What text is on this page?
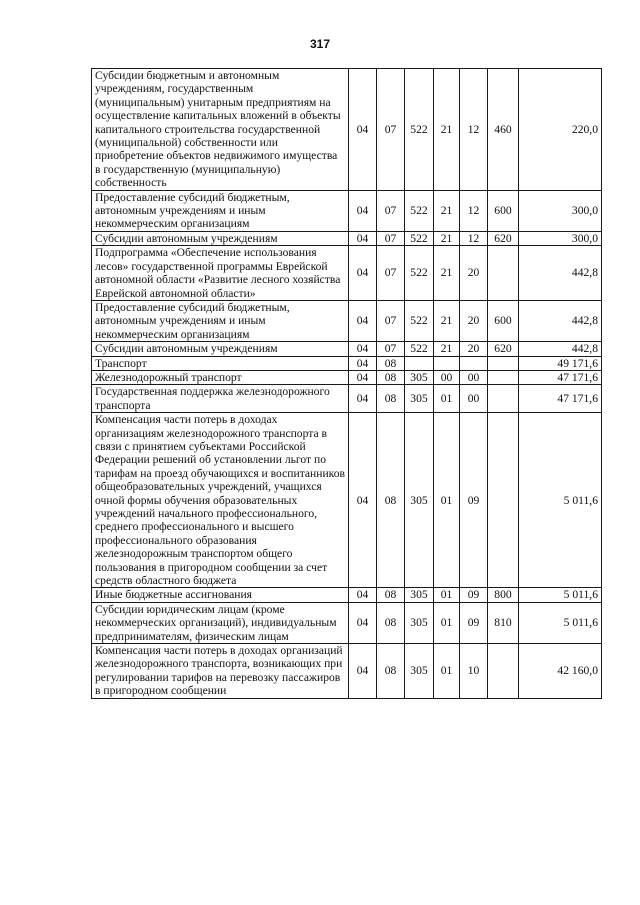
317
Субсидии бюджетным и автономным учреждениям, государственным (муниципальным) унитарным предприятиям на осуществление капитальных вложений в объекты капитального строительства государственной (муниципальной) собственности или приобретение объектов недвижимого имущества в государственную (муниципальную) собственность	04	07	522	21	12	460	220,0
Предоставление субсидий бюджетным, автономным учреждениям и иным некоммерческим организациям	04	07	522	21	12	600	300,0
Субсидии автономным учреждениям	04	07	522	21	12	620	300,0
Подпрограмма «Обеспечение использования лесов» государственной программы Еврейской автономной области «Развитие лесного хозяйства Еврейской автономной области»	04	07	522	21	20		442,8
Предоставление субсидий бюджетным, автономным учреждениям и иным некоммерческим организациям	04	07	522	21	20	600	442,8
Субсидии автономным учреждениям	04	07	522	21	20	620	442,8
Транспорт	04	08					49 171,6
Железнодорожный транспорт	04	08	305	00	00		47 171,6
Государственная поддержка железнодорожного транспорта	04	08	305	01	00		47 171,6
Компенсация части потерь в доходах организациям железнодорожного транспорта в связи с принятием субъектами Российской Федерации решений об установлении льгот по тарифам на проезд обучающихся и воспитанников общеобразовательных учреждений, учащихся очной формы обучения образовательных учреждений начального профессионального, среднего профессионального и высшего профессионального образования железнодорожным транспортом общего пользования в пригородном сообщении за счет средств областного бюджета	04	08	305	01	09		5 011,6
Иные бюджетные ассигнования	04	08	305	01	09	800	5 011,6
Субсидии юридическим лицам (кроме некоммерческих организаций), индивидуальным предпринимателям, физическим лицам	04	08	305	01	09	810	5 011,6
Компенсация части потерь в доходах организаций железнодорожного транспорта, возникающих при регулировании тарифов на перевозку пассажиров в пригородном сообщении	04	08	305	01	10		42 160,0
